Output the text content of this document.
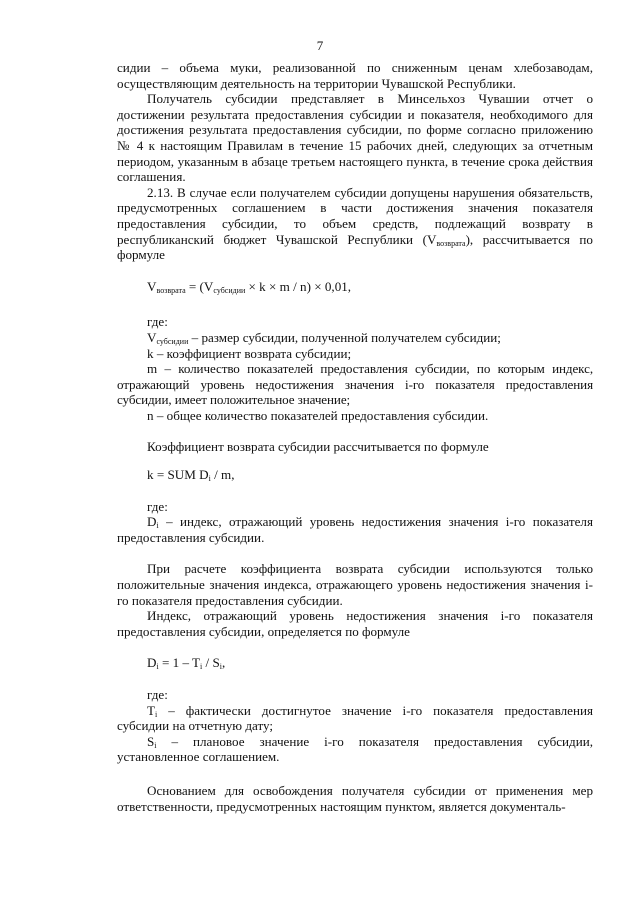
7

сидии – объема муки, реализованной по сниженным ценам хлебозаводам, осуществляющим деятельность на территории Чувашской Республики.

Получатель субсидии представляет в Минсельхоз Чувашии отчет о достижении результата предоставления субсидии и показателя, необходимого для достижения результата предоставления субсидии, по форме согласно приложению № 4 к настоящим Правилам в течение 15 рабочих дней, следующих за отчетным периодом, указанным в абзаце третьем настоящего пункта, в течение срока действия соглашения.

2.13. В случае если получателем субсидии допущены нарушения обязательств, предусмотренных соглашением в части достижения значения показателя предоставления субсидии, то объем средств, подлежащий возврату в республиканский бюджет Чувашской Республики $(V_{возврата})$, рассчитывается по формуле

$V_{возврата} = (V_{субсидии} \times k \times m / n) \times 0,01$,

где:

$V_{субсидии}$ – размер субсидии, полученной получателем субсидии;

k – коэффициент возврата субсидии;

m – количество показателей предоставления субсидии, по которым индекс, отражающий уровень недостижения значения i-го показателя предоставления субсидии, имеет положительное значение;

n – общее количество показателей предоставления субсидии.

Коэффициент возврата субсидии рассчитывается по формуле

k = SUM $D_i$ / m,

где:

$D_i$ – индекс, отражающий уровень недостижения значения i-го показателя предоставления субсидии.

При расчете коэффициента возврата субсидии используются только положительные значения индекса, отражающего уровень недостижения значения i-го показателя предоставления субсидии.

Индекс, отражающий уровень недостижения значения i-го показателя предоставления субсидии, определяется по формуле

$D_i = 1 - T_i / S_i$,

где:

$T_i$ – фактически достигнутое значение i-го показателя предоставления субсидии на отчетную дату;

$S_i$ – плановое значение i-го показателя предоставления субсидии, установленное соглашением.

Основанием для освобождения получателя субсидии от применения мер ответственности, предусмотренных настоящим пунктом, является документаль-
